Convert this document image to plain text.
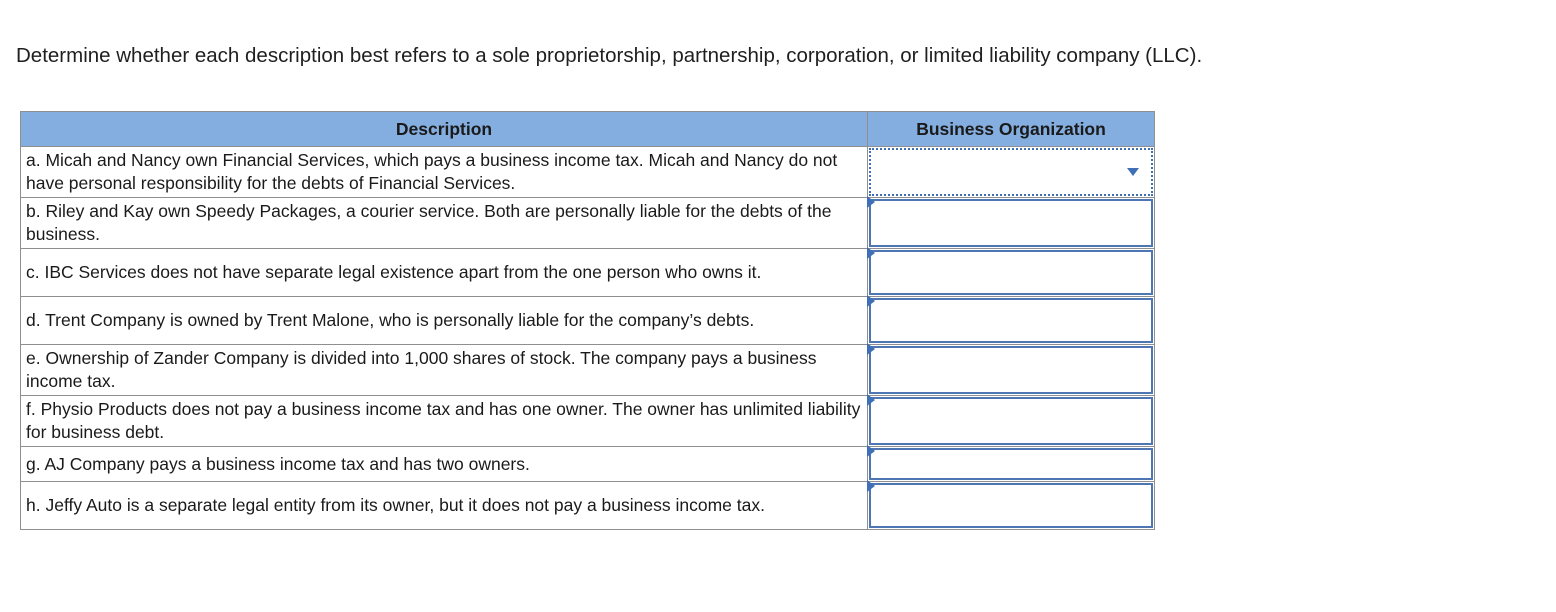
Determine whether each description best refers to a sole proprietorship, partnership, corporation, or limited liability company (LLC).
Description	Business Organization
a. Micah and Nancy own Financial Services, which pays a business income tax. Micah and Nancy do not have personal responsibility for the debts of Financial Services.	

b. Riley and Kay own Speedy Packages, a courier service. Both are personally liable for the debts of the business.	

c. IBC Services does not have separate legal existence apart from the one person who owns it.	

d. Trent Company is owned by Trent Malone, who is personally liable for the company’s debts.	

e. Ownership of Zander Company is divided into 1,000 shares of stock. The company pays a business income tax.	

f. Physio Products does not pay a business income tax and has one owner. The owner has unlimited liability for business debt.	

g. AJ Company pays a business income tax and has two owners.	

h. Jeffy Auto is a separate legal entity from its owner, but it does not pay a business income tax.	
